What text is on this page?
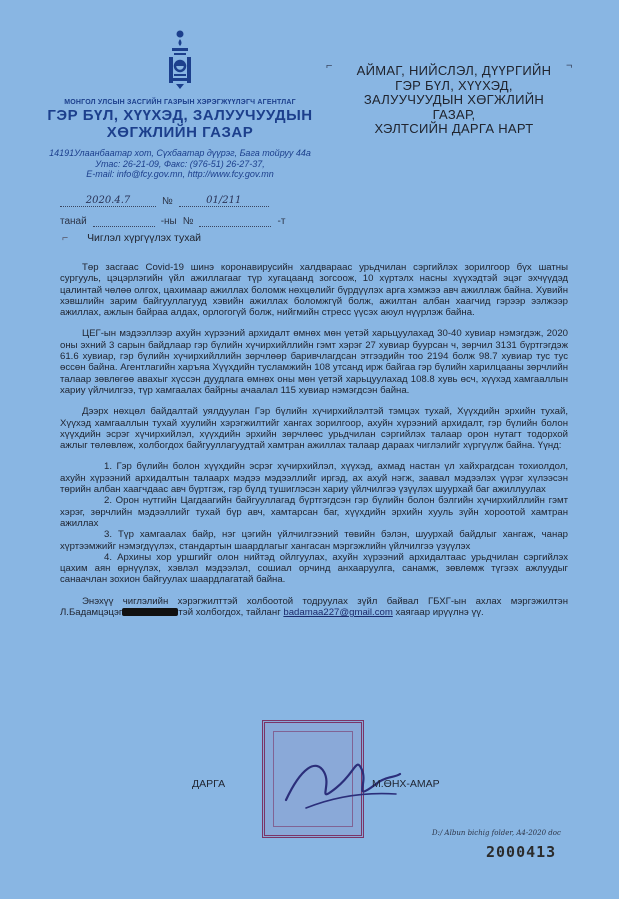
МОНГОЛ УЛСЫН ЗАСГИЙН ГАЗРЫН ХЭРЭГЖҮҮЛЭГЧ АГЕНТЛАГ
ГЭР БҮЛ, ХҮҮХЭД, ЗАЛУУЧУУДЫН
ХӨГЖЛИЙН ГАЗАР

14191Улаанбаатар хот, Сүхбаатар дүүрэг, Бага тойруу 44а

Утас: 26-21-09, Факс: (976-51) 26-27-37,

E-mail: info@fcy.gov.mn, http://www.fcy.gov.mn

⌐	¬
АЙМАГ, НИЙСЛЭЛ, ДҮҮРГИЙН
ГЭР БҮЛ, ХҮҮХЭД,
ЗАЛУУЧУУДЫН ХӨГЖЛИЙН ГАЗАР,
ХЭЛТСИЙН ДАРГА НАРТ
2020.4.7	№	01/211
танай	-ны №	-т
⌐ Чиглэл хүргүүлэх тухай

Төр засгаас Covid-19 шинэ коронавирусийн халдвараас урьдчилан сэргийлэх зорилгоор бүх шатны сургууль, цэцэрлэгийн үйл ажиллагааг түр хугацаанд зогсоож, 10 хүртэлх насны хүүхэдтэй эцэг эхчүүдэд цалинтай чөлөө олгох, цахимаар ажиллах боломж нөхцөлийг бүрдүүлэх арга хэмжээ авч ажиллаж байна. Хувийн хэвшлийн зарим байгууллагууд хэвийн ажиллах боломжгүй болж, ажилтан албан хаагчид гэрээр ээлжээр ажиллах, ажлын байраа алдах, орлогогүй болж, нийгмийн стресс үүсэх аюул нүүрлэж байна.

ЦЕГ-ын мэдээллээр ахуйн хүрээний архидалт өмнөх мөн үетэй харьцуулахад 30-40 хувиар нэмэгдэж, 2020 оны эхний 3 сарын байдлаар гэр бүлийн хүчирхийллийн гэмт хэрэг 27 хувиар буурсан ч, зөрчил 3131 бүртгэгдэж 61.6 хувиар, гэр бүлийн хүчирхийллийн зөрчлөөр баривчлагдсан этгээдийн тоо 2194 болж 98.7 хувиар тус тус өссөн байна. Агентлагийн харъяа Хүүхдийн тусламжийн 108 утсанд ирж байгаа гэр бүлийн харилцааны зөрчлийн талаар зөвлөгөө авахыг хүссэн дуудлага өмнөх оны мөн үетэй харьцуулахад 108.8 хувь өсч, хүүхэд хамгааллын хариу үйлчилгээ, түр хамгаалах байрны ачаалал 115 хувиар нэмэгдсэн байна.

Дээрх нөхцөл байдалтай уялдуулан Гэр бүлийн хүчирхийлэлтэй тэмцэх тухай, Хүүхдийн эрхийн тухай, Хүүхэд хамгааллын тухай хуулийн хэрэгжилтийг хангах зорилгоор, ахуйн хүрээний архидалт, гэр бүлийн болон хүүхдийн эсрэг хүчирхийлэл, хүүхдийн эрхийн зөрчлөөс урьдчилан сэргийлэх талаар орон нутагт тодорхой ажлыг төлөвлөж, холбогдох байгууллагуудтай хамтран ажиллах талаар дараах чиглэлийг хүргүүлж байна. Үүнд:

1. Гэр бүлийн болон хүүхдийн эсрэг хүчирхийлэл, хүүхэд, ахмад настан үл хайхрагдсан тохиолдол, ахуйн хүрээний архидалтын талаарх мэдээ мэдээллийг иргэд, ах ахуй нэгж, заавал мэдээлэх үүрэг хүлээсэн төрийн албан хаагчдаас авч бүртгэж, гэр бүлд тушиглэсэн хариу үйлчилгээ үзүүлэх шуурхай баг ажиллуулах

2. Орон нутгийн Цагдаагийн байгууллагад бүртгэгдсэн гэр бүлийн болон бэлгийн хүчирхийллийн гэмт хэрэг, зөрчлийн мэдээллийг тухай бүр авч, хамтарсан баг, хүүхдийн эрхийн хууль зүйн хороотой хамтран ажиллах

3. Түр хамгаалах байр, нэг цэгийн үйлчилгээний төвийн бэлэн, шуурхай байдлыг хангаж, чанар хүртээмжийг нэмэгдүүлэх, стандартын шаардлагыг хангасан мэргэжлийн үйлчилгээ үзүүлэх

4. Архины хор уршгийг олон нийтэд ойлгуулах, ахуйн хүрээний архидалтаас урьдчилан сэргийлэх цахим аян өрнүүлэх, хэвлэл мэдээлэл, сошиал орчинд анхааруулга, санамж, зөвлөмж түгээх ажлуудыг санаачлан зохион байгуулах шаардлагатай байна.

Энэхүү чиглэлийн хэрэгжилттэй холбоотой тодруулах зүйл байвал ГБХГ-ын ахлах мэргэжилтэн Л.Бадамцэцэг	тэй холбогдох, тайланг badamaa227@gmail.com хаягаар ирүүлнэ үү.

ДАРГА	М.ӨНХ-АМАР
D:/ Albun bichig folder, A4-2020 doc
2000413
